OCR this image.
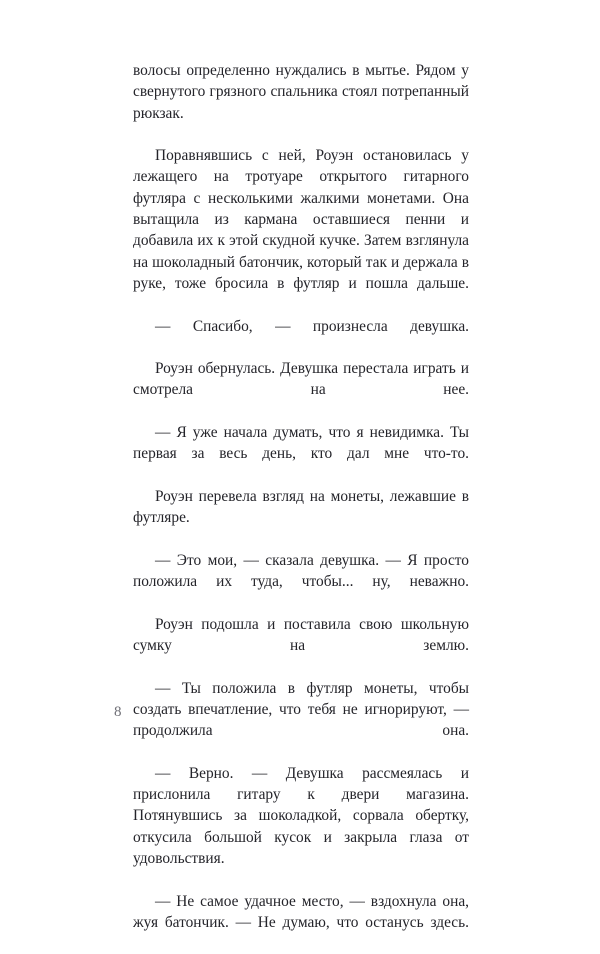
волосы определенно нуждались в мытье. Рядом у свернутого грязного спальника стоял потрепанный рюкзак.

Поравнявшись с ней, Роуэн остановилась у лежащего на тротуаре открытого гитарного футляра с несколькими жалкими монетами. Она вытащила из кармана оставшиеся пенни и добавила их к этой скудной кучке. Затем взглянула на шоколадный батончик, который так и держала в руке, тоже бросила в футляр и пошла дальше.

— Спасибо, — произнесла девушка.

Роуэн обернулась. Девушка перестала играть и смотрела на нее.

— Я уже начала думать, что я невидимка. Ты первая за весь день, кто дал мне что-то.

Роуэн перевела взгляд на монеты, лежавшие в футляре.

— Это мои, — сказала девушка. — Я просто положила их туда, чтобы... ну, неважно.

Роуэн подошла и поставила свою школьную сумку на землю.

— Ты положила в футляр монеты, чтобы создать впечатление, что тебя не игнорируют, — продолжила она.

— Верно. — Девушка рассмеялась и прислонила гитару к двери магазина. Потянувшись за шоколадкой, сорвала обертку, откусила большой кусок и закрыла глаза от удовольствия.

— Не самое удачное место, — вздохнула она, жуя батончик. — Не думаю, что останусь здесь.

8
